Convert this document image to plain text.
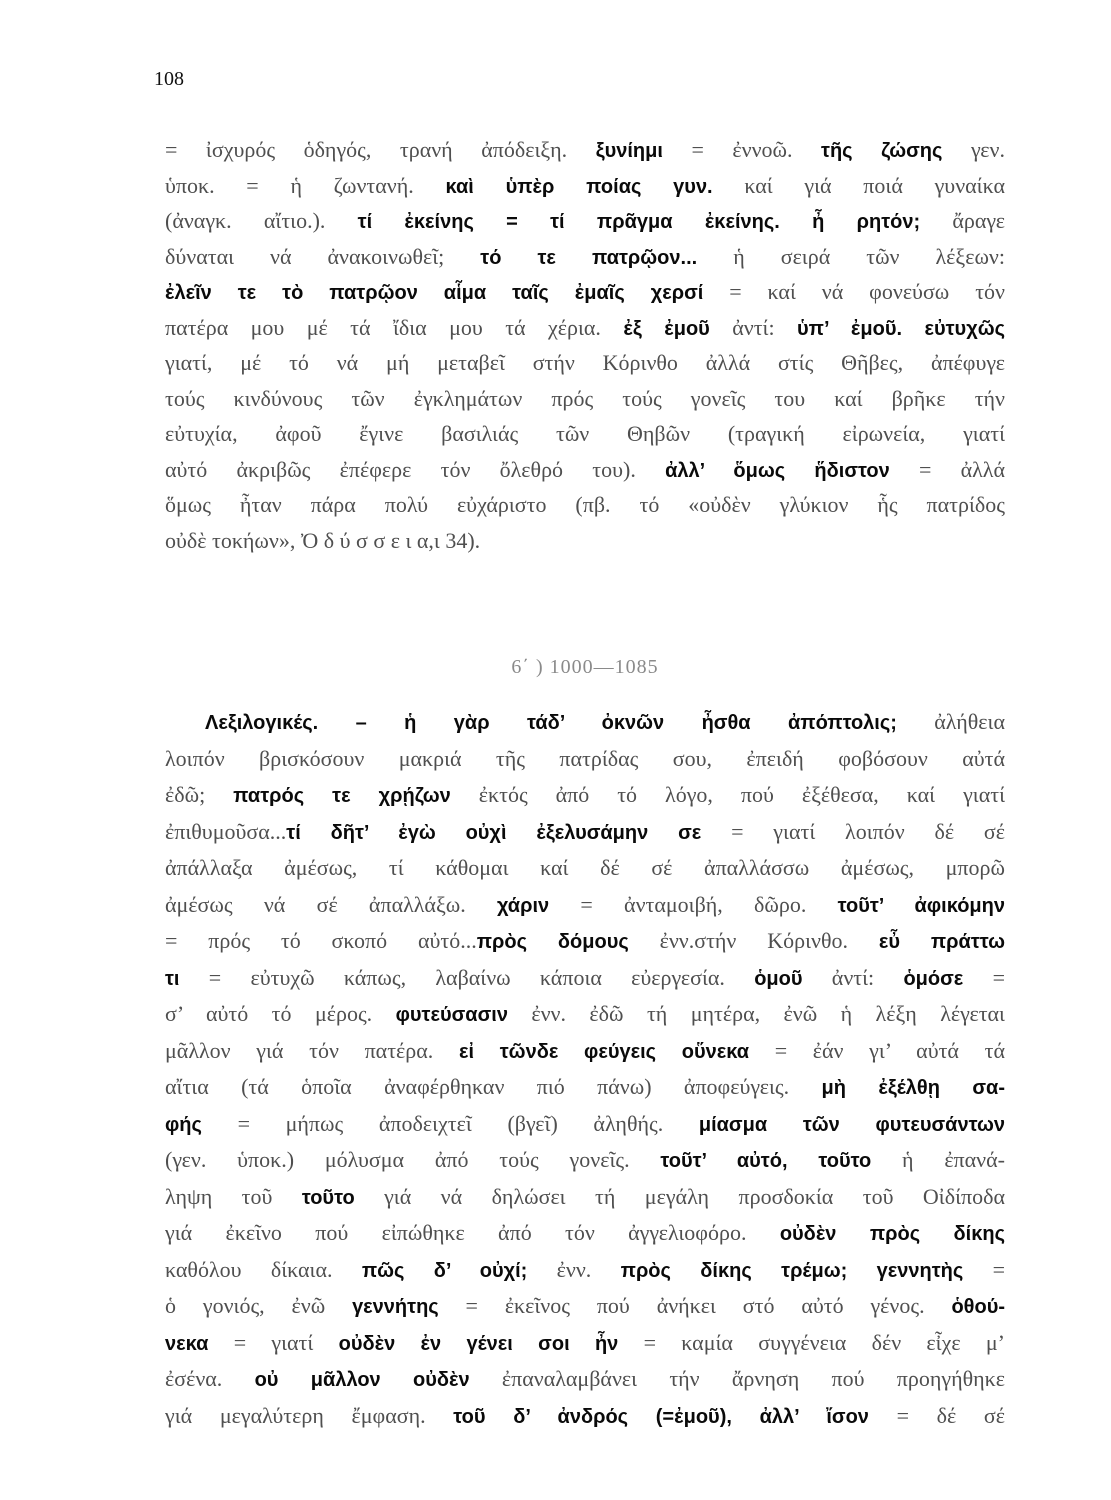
108
= ἰσχυρός ὁδηγός, τρανή ἀπόδειξη. ξυνίημι = ἐννοῶ. τῆς ζώσης γεν.
ὑποκ. = ἡ ζωντανή. καὶ ὑπὲρ ποίας γυν. καί γιά ποιά γυναίκα
(ἀναγκ. αἴτιο.). τί ἐκείνης = τί πρᾶγμα ἐκείνης. ἦ ρητόν; ἄραγε
δύναται νά ἀνακοινωθεῖ; τό τε πατρῷον... ἡ σειρά τῶν λέξεων:
ἐλεῖν τε τὸ πατρῷον αἷμα ταῖς ἐμαῖς χερσί = καί νά φονεύσω τόν
πατέρα μου μέ τά ἴδια μου τά χέρια. ἐξ ἐμοῦ ἀντί: ὑπ’ ἐμοῦ. εὐτυχῶς
γιατί, μέ τό νά μή μεταβεῖ στήν Κόρινθο ἀλλά στίς Θῆβες, ἀπέφυγε
τούς κινδύνους τῶν ἐγκλημάτων πρός τούς γονεῖς του καί βρῆκε τήν
εὐτυχία, ἀφοῦ ἔγινε βασιλιάς τῶν Θηβῶν (τραγική εἰρωνεία, γιατί
αὐτό ἀκριβῶς ἐπέφερε τόν ὄλεθρό του). ἀλλ’ ὅμως ἥδιστον = ἀλλά
ὅμως ἦταν πάρα πολύ εὐχάριστο (πβ. τό «οὐδὲν γλύκιον ἧς πατρίδος
οὐδὲ τοκήων», Ὀ δ ύ σ σ ε ι α,ι 34).
6΄ ) 1000—1085
Λεξιλογικές. – ἡ γὰρ τάδ’ ὀκνῶν ἦσθα ἀπόπτολις; ἀλήθεια
λοιπόν βρισκόσουν μακριά τῆς πατρίδας σου, ἐπειδή φοβόσουν αὐτά
ἐδῶ; πατρός τε χρῄζων ἐκτός ἀπό τό λόγο, πού ἐξέθεσα, καί γιατί
ἐπιθυμοῦσα...τί δῆτ’ ἐγὼ οὐχὶ ἐξελυσάμην σε = γιατί λοιπόν δέ σέ
ἀπάλλαξα ἀμέσως, τί κάθομαι καί δέ σέ ἀπαλλάσσω ἀμέσως, μπορῶ
ἀμέσως νά σέ ἀπαλλάξω. χάριν = ἀνταμοιβή, δῶρο. τοῦτ’ ἀφικόμην
= πρός τό σκοπό αὐτό...πρὸς δόμους ἐνν.στήν Κόρινθο. εὖ πράττω
τι = εὐτυχῶ κάπως, λαβαίνω κάποια εὐεργεσία. ὁμοῦ ἀντί: ὁμόσε =
σ’ αὐτό τό μέρος. φυτεύσασιν ἐνν. ἐδῶ τή μητέρα, ἐνῶ ἡ λέξη λέγεται
μᾶλλον γιά τόν πατέρα. εἰ τῶνδε φεύγεις οὕνεκα = ἐάν γι’ αὐτά τά
αἴτια (τά ὁποῖα ἀναφέρθηκαν πιό πάνω) ἀποφεύγεις. μὴ ἐξέλθῃ σα-
φής = μήπως ἀποδειχτεῖ (βγεῖ) ἀληθής. μίασμα τῶν φυτευσάντων
(γεν. ὑποκ.) μόλυσμα ἀπό τούς γονεῖς. τοῦτ’ αὐτό, τοῦτο ἡ ἐπανά-
ληψη τοῦ τοῦτο γιά νά δηλώσει τή μεγάλη προσδοκία τοῦ Οἰδίποδα
γιά ἐκεῖνο πού εἰπώθηκε ἀπό τόν ἀγγελιοφόρο. οὐδὲν πρὸς δίκης
καθόλου δίκαια. πῶς δ’ οὐχί; ἐνν. πρὸς δίκης τρέμω; γεννητὴς =
ὁ γονιός, ἐνῶ γεννήτης = ἐκεῖνος πού ἀνήκει στό αὐτό γένος. ὁθού-
νεκα = γιατί οὐδὲν ἐν γένει σοι ἦν = καμία συγγένεια δέν εἶχε μ’
ἐσένα. οὐ μᾶλλον οὐδὲν ἐπαναλαμβάνει τήν ἄρνηση πού προηγήθηκε
γιά μεγαλύτερη ἔμφαση. τοῦ δ’ ἀνδρός (=ἐμοῦ), ἀλλ’ ἴσον = δέ σέ
